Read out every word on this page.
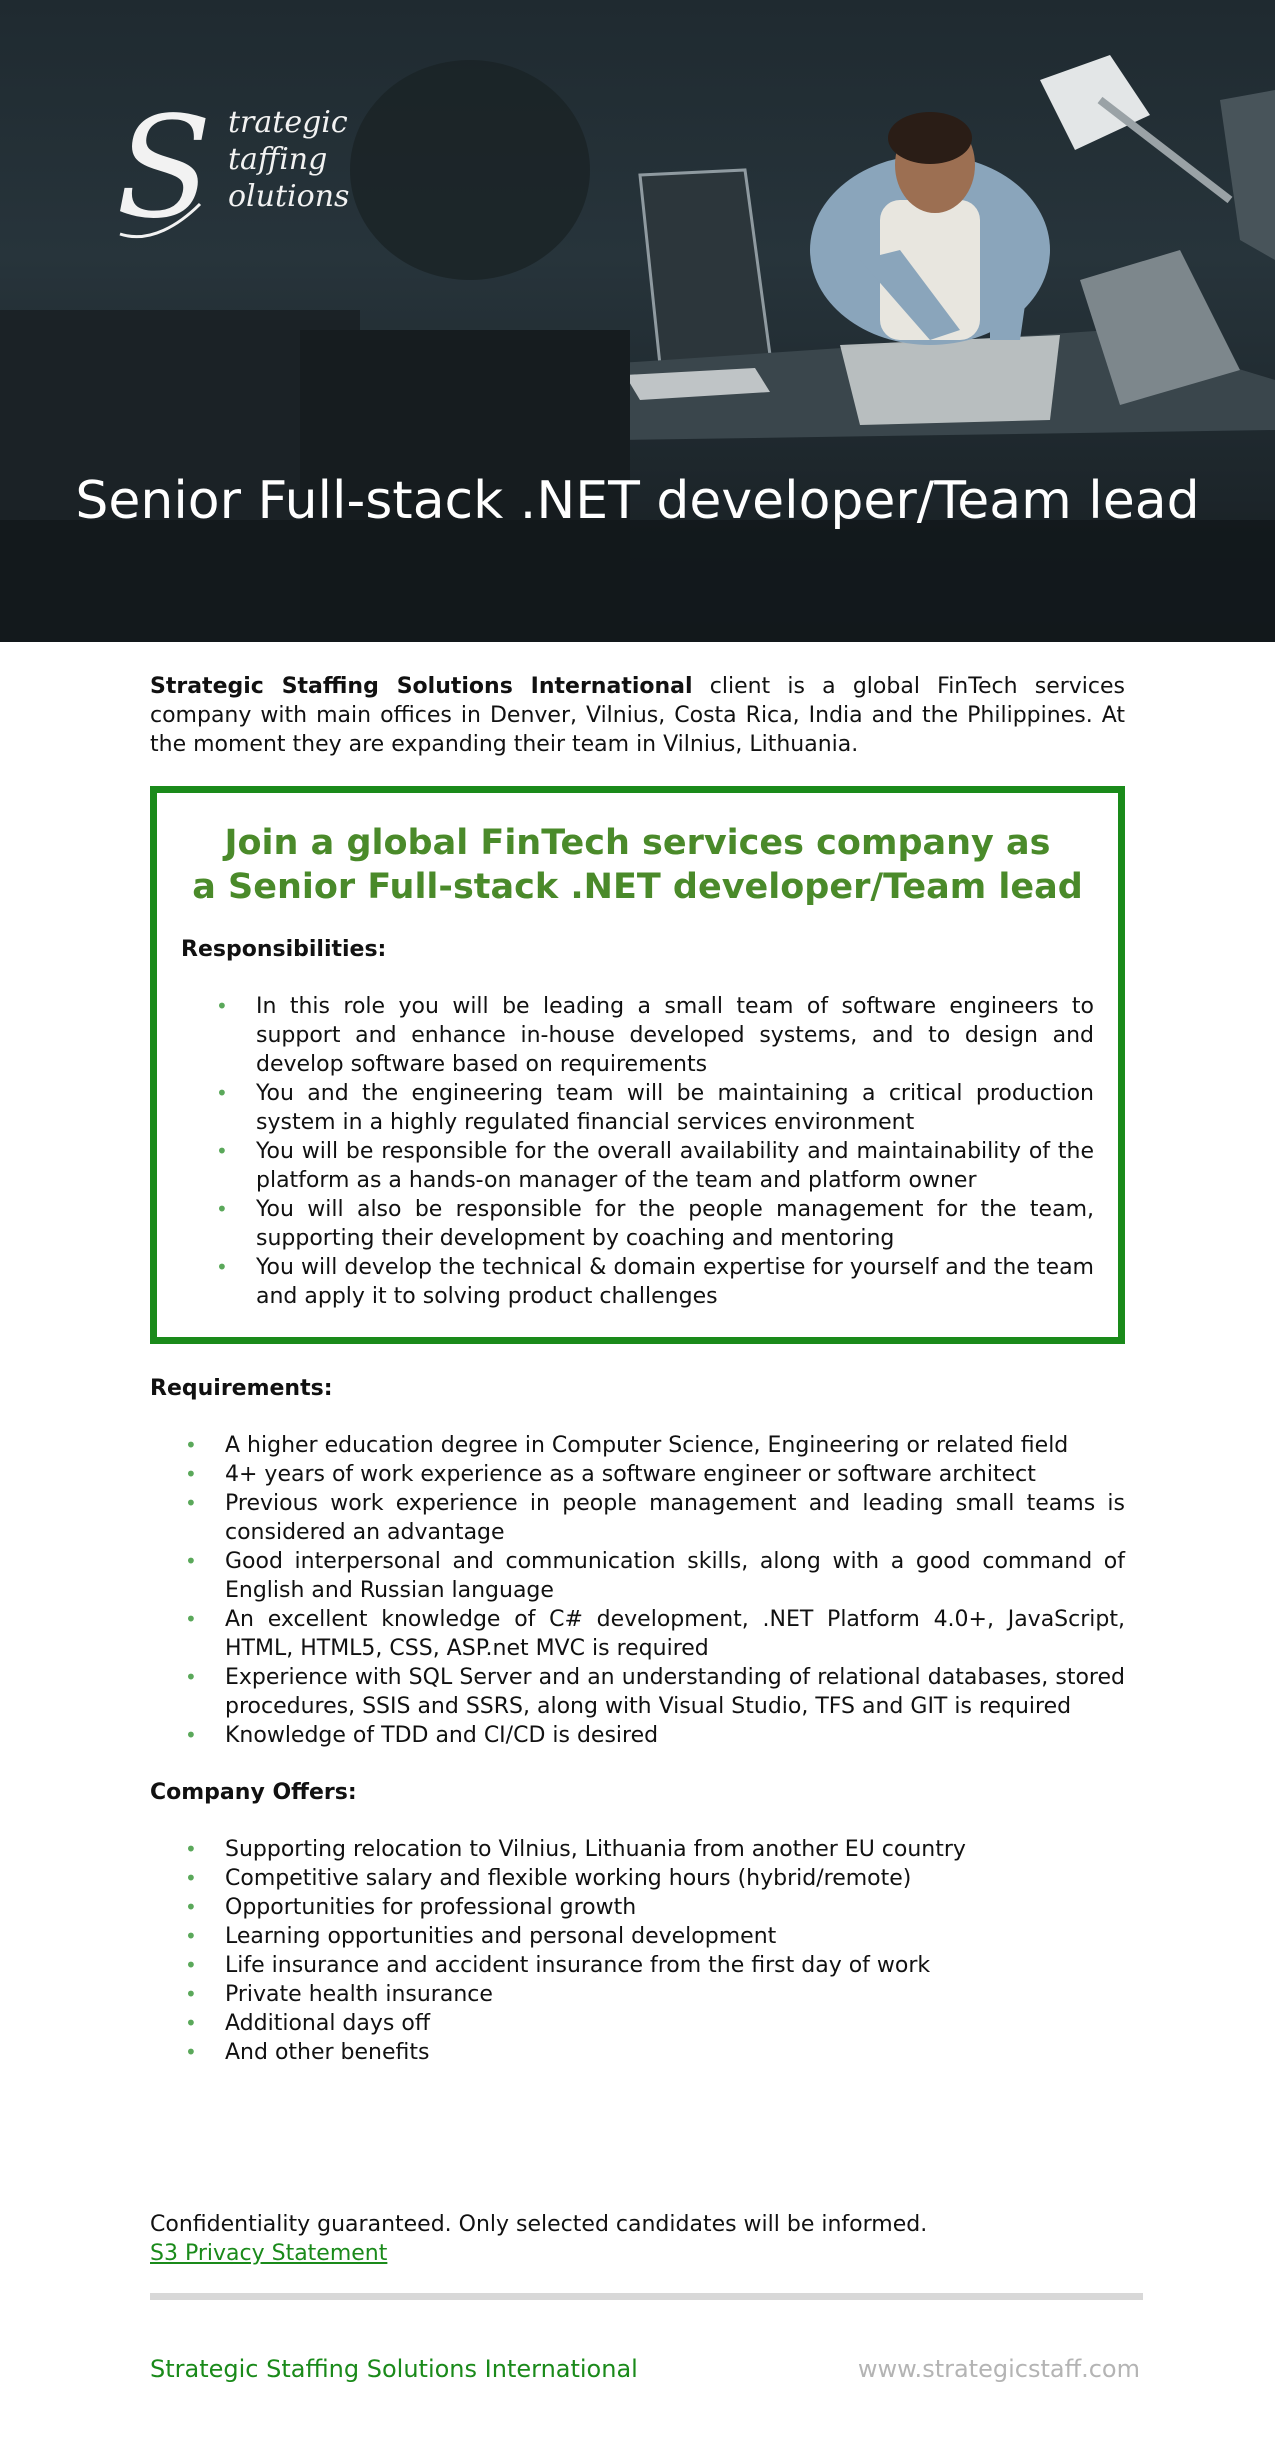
S trategic
taffing
olutions
Senior Full-stack .NET developer/Team lead

Strategic Staffing Solutions International client is a global FinTech services company with main offices in Denver, Vilnius, Costa Rica, India and the Philippines. At the moment they are expanding their team in Vilnius, Lithuania.

Join a global FinTech services company as
a Senior Full-stack .NET developer/Team lead

Responsibilities:

• In this role you will be leading a small team of software engineers to support and enhance in-house developed systems, and to design and develop software based on requirements
• You and the engineering team will be maintaining a critical production system in a highly regulated financial services environment
• You will be responsible for the overall availability and maintainability of the platform as a hands-on manager of the team and platform owner
• You will also be responsible for the people management for the team, supporting their development by coaching and mentoring
• You will develop the technical & domain expertise for yourself and the team and apply it to solving product challenges

Requirements:

• A higher education degree in Computer Science, Engineering or related field
• 4+ years of work experience as a software engineer or software architect
• Previous work experience in people management and leading small teams is considered an advantage
• Good interpersonal and communication skills, along with a good command of English and Russian language
• An excellent knowledge of C# development, .NET Platform 4.0+, JavaScript, HTML, HTML5, CSS, ASP.net MVC is required
• Experience with SQL Server and an understanding of relational databases, stored procedures, SSIS and SSRS, along with Visual Studio, TFS and GIT is required
• Knowledge of TDD and CI/CD is desired

Company Offers:

• Supporting relocation to Vilnius, Lithuania from another EU country
• Competitive salary and flexible working hours (hybrid/remote)
• Opportunities for professional growth
• Learning opportunities and personal development
• Life insurance and accident insurance from the first day of work
• Private health insurance
• Additional days off
• And other benefits
Confidentiality guaranteed. Only selected candidates will be informed.
S3 Privacy Statement
Strategic Staffing Solutions International	www.strategicstaff.com
